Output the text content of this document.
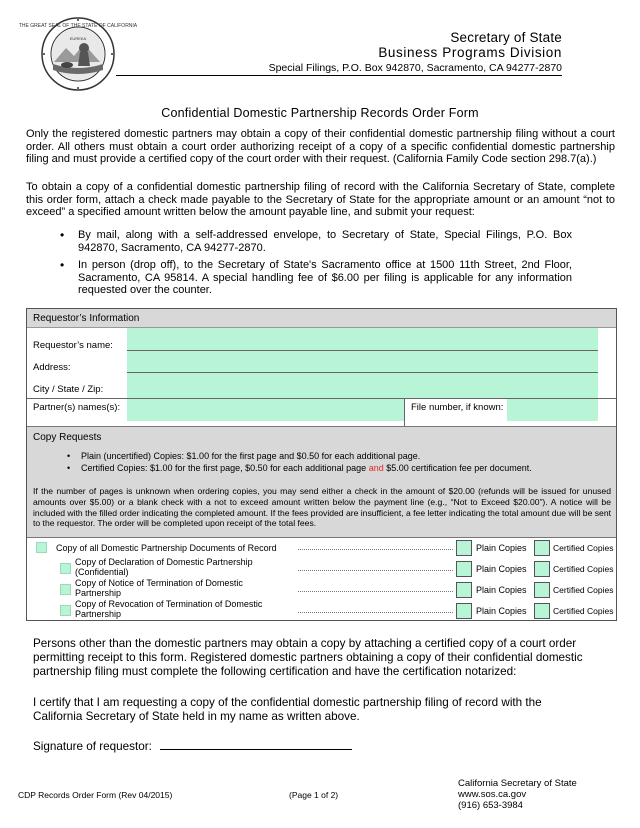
THE GREAT SEAL OF THE STATE OF CALIFORNIA
EUREKA	Secretary of State
Business Programs Division
Special Filings, P.O. Box 942870, Sacramento, CA 94277-2870
Confidential Domestic Partnership Records Order Form

Only the registered domestic partners may obtain a copy of their confidential domestic partnership filing without a court order. All others must obtain a court order authorizing receipt of a copy of a specific confidential domestic partnership filing and must provide a certified copy of the court order with their request. (California Family Code section 298.7(a).)

To obtain a copy of a confidential domestic partnership filing of record with the California Secretary of State, complete this order form, attach a check made payable to the Secretary of State for the appropriate amount or an amount “not to exceed” a specified amount written below the amount payable line, and submit your request:

• By mail, along with a self-addressed envelope, to Secretary of State, Special Filings, P.O. Box 942870, Sacramento, CA 94277-2870.
• In person (drop off), to the Secretary of State's Sacramento office at 1500 11th Street, 2nd Floor, Sacramento, CA 95814. A special handling fee of $6.00 per filing is applicable for any information requested over the counter.
Requestor’s Information
Requestor’s name:
Address:
City / State / Zip:
Partner(s) names(s):	File number, if known:
Copy Requests
• Plain (uncertified) Copies: $1.00 for the first page and $0.50 for each additional page.
• Certified Copies: $1.00 for the first page, $0.50 for each additional page and $5.00 certification fee per document.

If the number of pages is unknown when ordering copies, you may send either a check in the amount of $20.00 (refunds will be issued for unused amounts over $5.00) or a blank check with a not to exceed amount written below the payment line (e.g., “Not to Exceed $20.00”). A notice will be included with the filled order indicating the completed amount. If the fees provided are insufficient, a fee letter indicating the total amount due will be sent to the requestor. The order will be completed upon receipt of the total fees.

Copy of all Domestic Partnership Documents of Record	Plain Copies	Certified Copies
Copy of Declaration of Domestic Partnership (Confidential)	Plain Copies	Certified Copies
Copy of Notice of Termination of Domestic Partnership	Plain Copies	Certified Copies
Copy of Revocation of Termination of Domestic Partnership	Plain Copies	Certified Copies

Persons other than the domestic partners may obtain a copy by attaching a certified copy of a court order permitting receipt to this form. Registered domestic partners obtaining a copy of their confidential domestic partnership filing must complete the following certification and have the certification notarized:

I certify that I am requesting a copy of the confidential domestic partnership filing of record with the California Secretary of State held in my name as written above.

Signature of requestor:
CDP Records Order Form (Rev 04/2015)	(Page 1 of 2)
California Secretary of State
www.sos.ca.gov
(916) 653-3984
